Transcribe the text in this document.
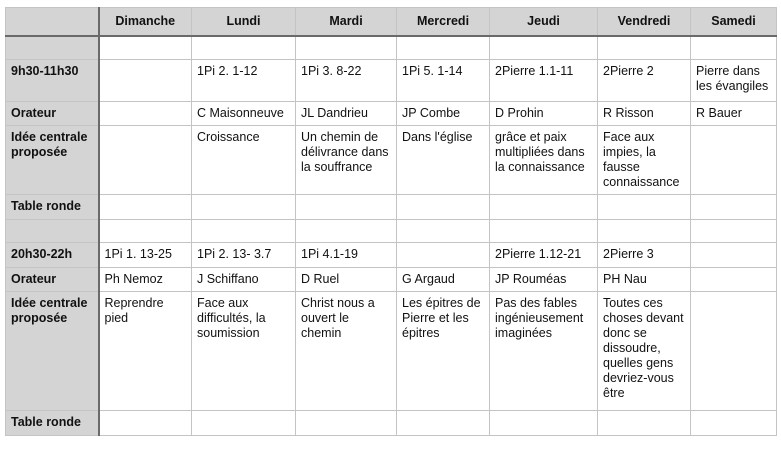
	Dimanche	Lundi	Mardi	Mercredi	Jeudi	Vendredi	Samedi

9h30-11h30		1Pi 2. 1-12	1Pi 3. 8-22	1Pi 5. 1-14	2Pierre 1.1-11	2Pierre 2	Pierre dans les évangiles
Orateur		C Maisonneuve	JL Dandrieu	JP Combe	D Prohin	R Risson	R Bauer
Idée centrale proposée		Croissance	Un chemin de délivrance dans la souffrance	Dans l'église	grâce et paix multipliées dans la connaissance	Face aux impies, la fausse connaissance	
Table ronde							

20h30-22h	1Pi 1. 13-25	1Pi 2. 13- 3.7	1Pi 4.1-19		2Pierre 1.12-21	2Pierre 3	
Orateur	Ph Nemoz	J Schiffano	D Ruel	G Argaud	JP Rouméas	PH Nau	
Idée centrale proposée	Reprendre pied	Face aux difficultés, la soumission	Christ nous a ouvert le chemin	Les épitres de Pierre et les épitres	Pas des fables ingénieusement imaginées	Toutes ces choses devant donc se dissoudre, quelles gens devriez-vous être	
Table ronde							
